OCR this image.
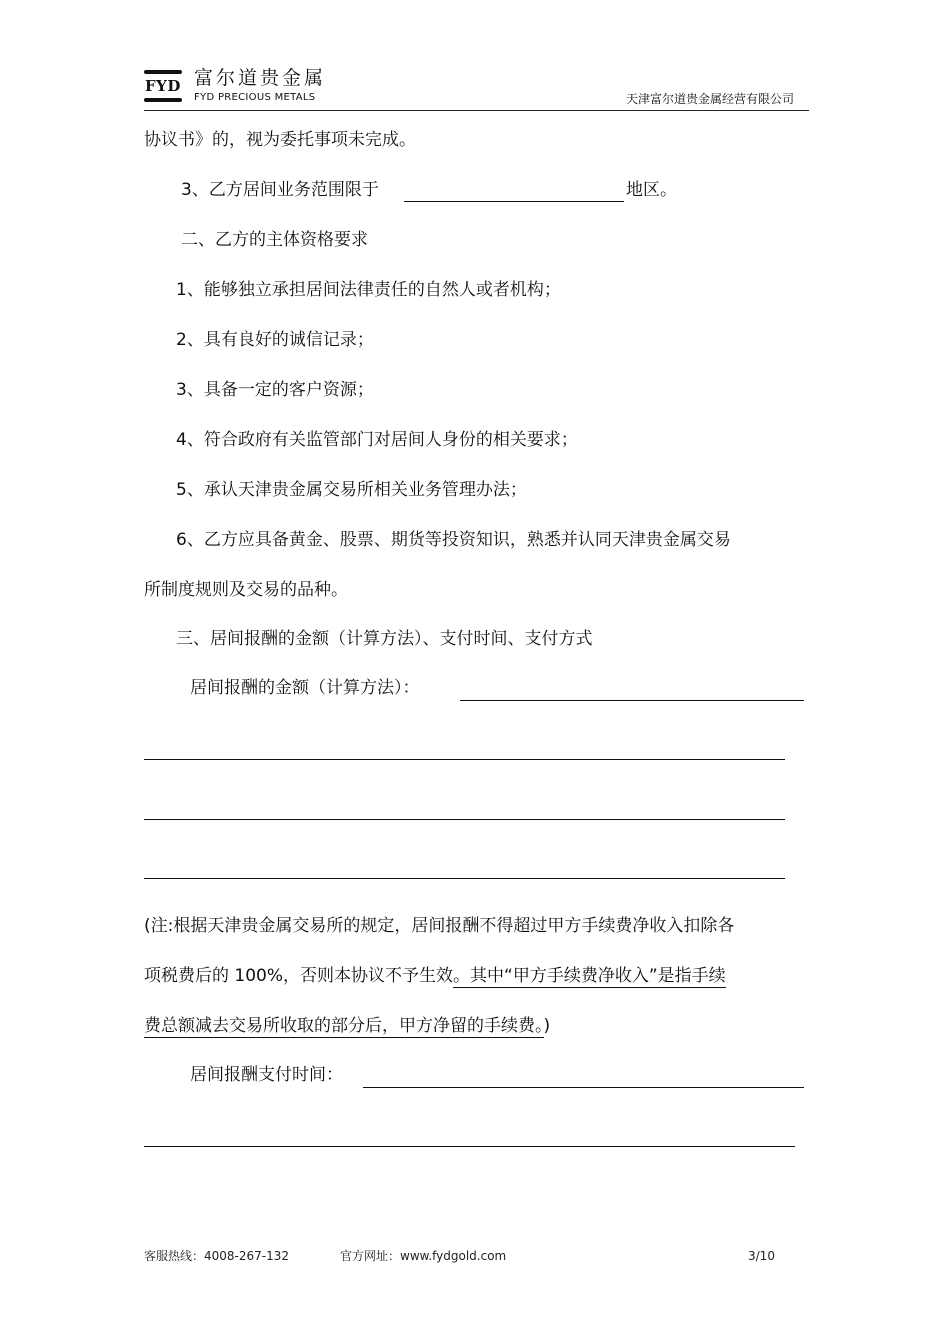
FYD 富尔道贵金属
FYD PRECIOUS METALS	天津富尔道贵金属经营有限公司
协议书》的，视为委托事项未完成。
3、乙方居间业务范围限于	地区。
二、乙方的主体资格要求
1、能够独立承担居间法律责任的自然人或者机构；
2、具有良好的诚信记录；
3、具备一定的客户资源；
4、符合政府有关监管部门对居间人身份的相关要求；
5、承认天津贵金属交易所相关业务管理办法；
6、乙方应具备黄金、股票、期货等投资知识，熟悉并认同天津贵金属交易
所制度规则及交易的品种。
三、居间报酬的金额（计算方法）、支付时间、支付方式
居间报酬的金额（计算方法）：
(注:根据天津贵金属交易所的规定，居间报酬不得超过甲方手续费净收入扣除各
项税费后的 100%，否则本协议不予生效。其中“甲方手续费净收入”是指手续
费总额减去交易所收取的部分后，甲方净留的手续费。)
居间报酬支付时间：
客服热线：4008-267-132	官方网址：www.fydgold.com	3/10
